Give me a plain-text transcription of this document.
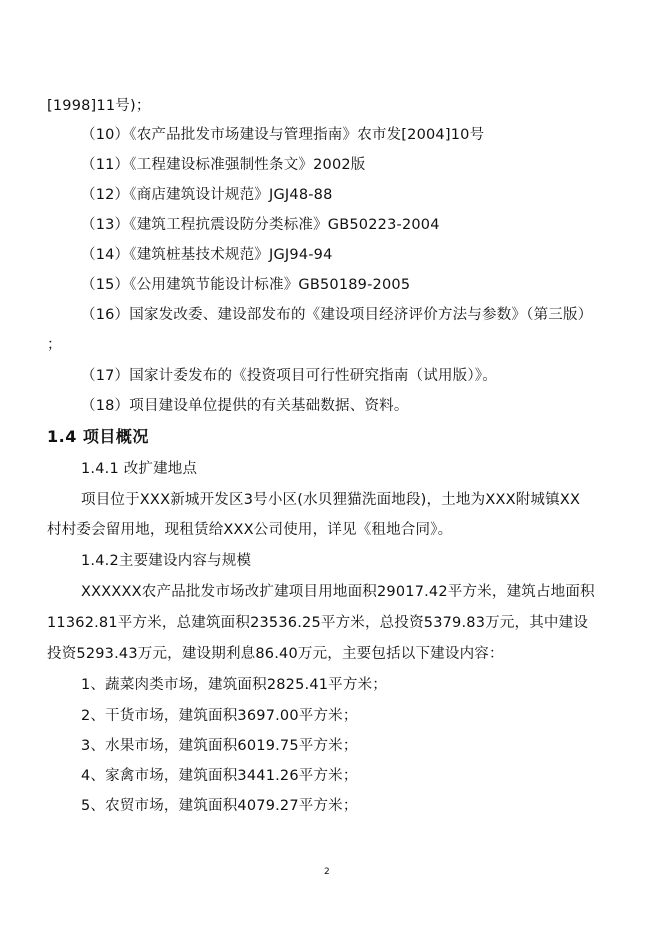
[1998]11号)；
（10）《农产品批发市场建设与管理指南》农市发[2004]10号
（11）《工程建设标准强制性条文》2002版
（12）《商店建筑设计规范》JGJ48-88
（13）《建筑工程抗震设防分类标准》GB50223-2004
（14）《建筑桩基技术规范》JGJ94-94
（15）《公用建筑节能设计标准》GB50189-2005
（16）国家发改委、建设部发布的《建设项目经济评价方法与参数》（第三版）
；
（17）国家计委发布的《投资项目可行性研究指南（试用版）》。
（18）项目建设单位提供的有关基础数据、资料。
1.4 项目概况
1.4.1 改扩建地点
项目位于XXX新城开发区3号小区(水贝狸猫洗面地段)，土地为XXX附城镇XX
村村委会留用地，现租赁给XXX公司使用，详见《租地合同》。
1.4.2主要建设内容与规模
XXXXXX农产品批发市场改扩建项目用地面积29017.42平方米，建筑占地面积
11362.81平方米，总建筑面积23536.25平方米，总投资5379.83万元，其中建设
投资5293.43万元，建设期利息86.40万元，主要包括以下建设内容：
1、蔬菜肉类市场，建筑面积2825.41平方米；
2、干货市场，建筑面积3697.00平方米；
3、水果市场，建筑面积6019.75平方米；
4、家禽市场，建筑面积3441.26平方米；
5、农贸市场，建筑面积4079.27平方米；
2
